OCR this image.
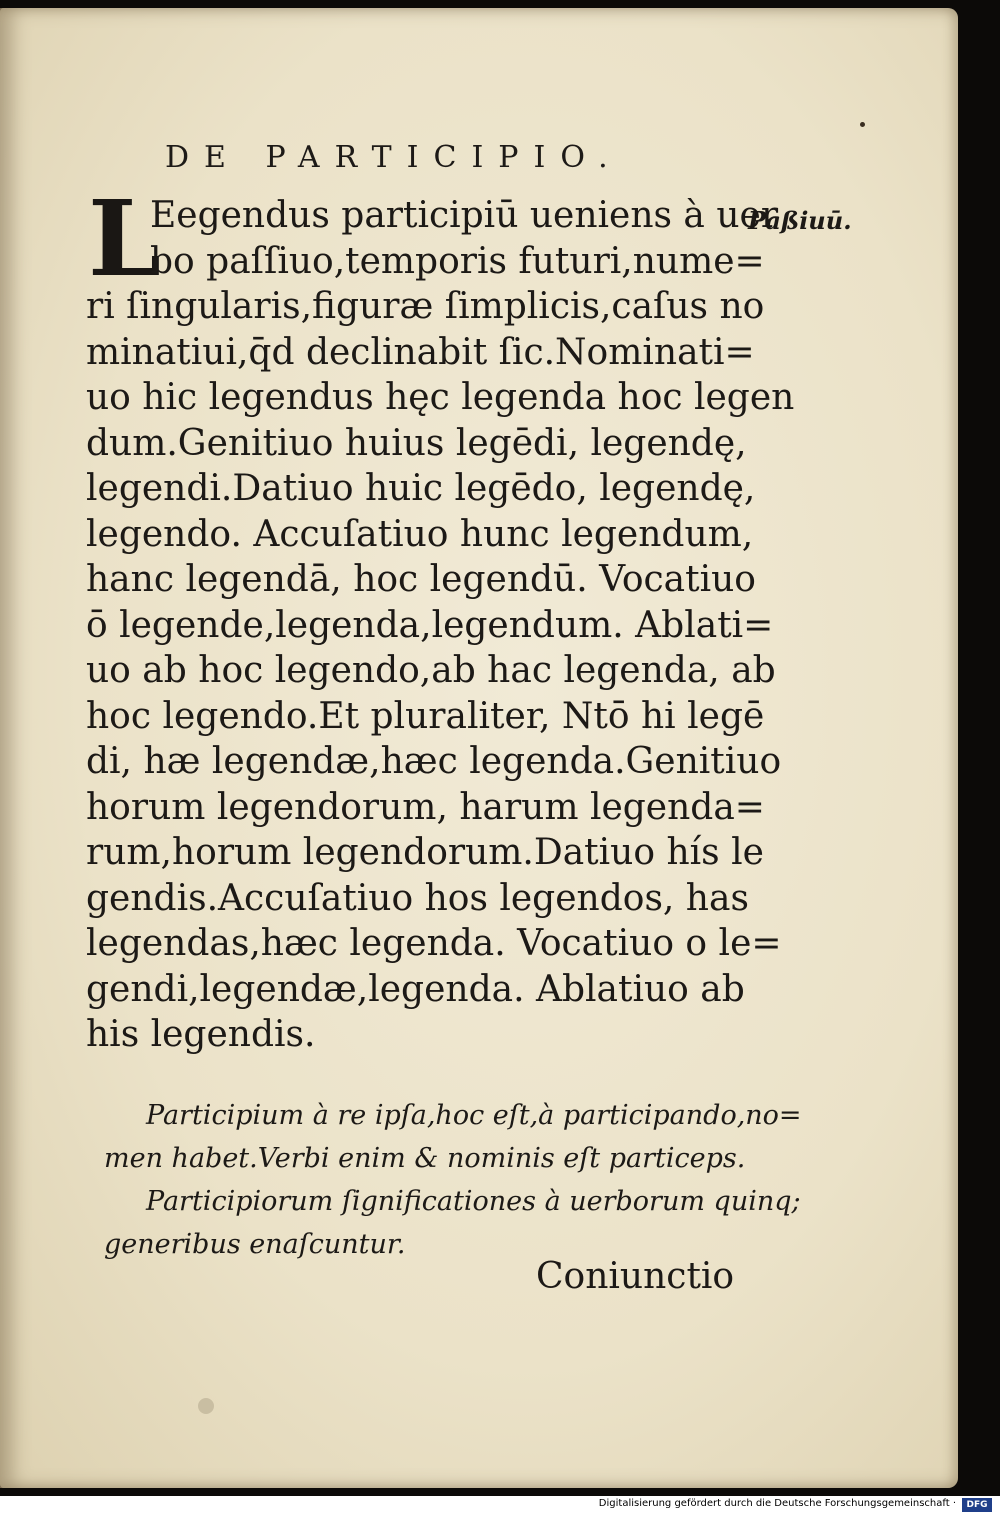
DE PARTICIPIO.
Paßiuū.
L
Eegendus participiū ueniens à uer
bo paſſiuo,temporis futuri,nume=
ri ſingularis,figuræ ſimplicis,caſus no
minatiui,q̄d declinabit ſic.Nominati=
uo hic legendus hęc legenda hoc legen
dum.Genitiuo huius legēdi, legendę,
legendi.Datiuo huic legēdo, legendę,
legendo. Accuſatiuo hunc legendum,
hanc legendā, hoc legendū. Vocatiuo
ō legende,legenda,legendum. Ablati=
uo ab hoc legendo,ab hac legenda, ab
hoc legendo.Et pluraliter, Ntō hi legē
di, hæ legendæ,hæc legenda.Genitiuo
horum legendorum, harum legenda=
rum,horum legendorum.Datiuo hís le
gendis.Accuſatiuo hos legendos, has
legendas,hæc legenda. Vocatiuo o le=
gendi,legendæ,legenda. Ablatiuo ab
his legendis.
Participium à re ipſa,hoc eſt,à participando,no=
men habet.Verbi enim & nominis eſt particeps.
Participiorum ſignificationes à uerborum quinq;
generibus enaſcuntur.
Coniunctio
Digitalisierung gefördert durch die Deutsche Forschungsgemeinschaft ·	DFG
